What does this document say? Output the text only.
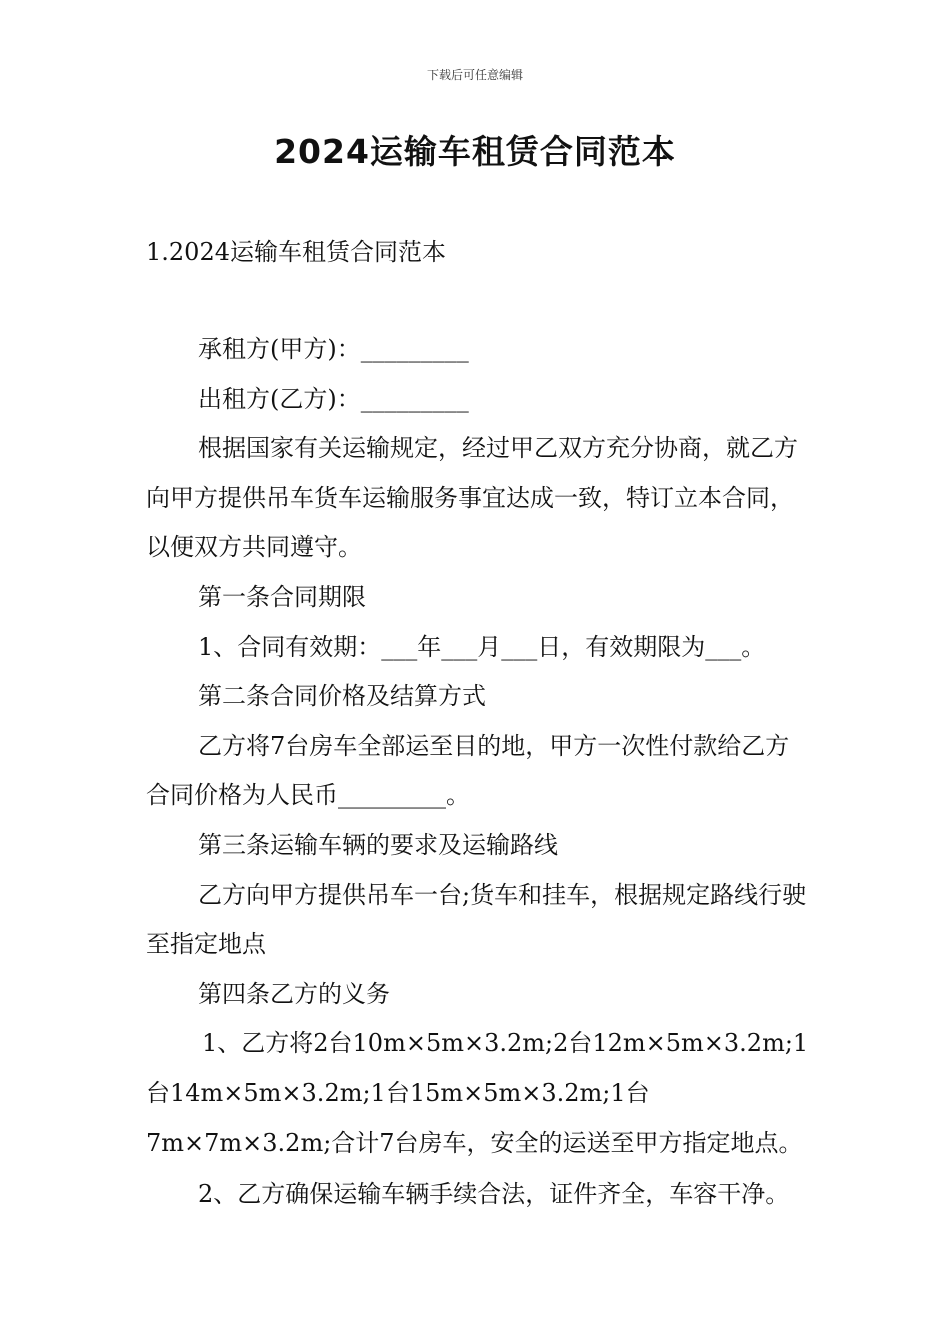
下载后可任意编辑
2024运输车租赁合同范本
1.2024运输车租赁合同范本

承租方(甲方)：_________

出租方(乙方)：_________

根据国家有关运输规定，经过甲乙双方充分协商，就乙方向甲方提供吊车货车运输服务事宜达成一致，特订立本合同，以便双方共同遵守。

第一条合同期限

1、合同有效期：___年___月___日，有效期限为___。

第二条合同价格及结算方式

乙方将7台房车全部运至目的地，甲方一次性付款给乙方合同价格为人民币_________。

第三条运输车辆的要求及运输路线

乙方向甲方提供吊车一台;货车和挂车，根据规定路线行驶至指定地点

第四条乙方的义务

1、乙方将2台10m×5m×3.2m;2台12m×5m×3.2m;1台14m×5m×3.2m;1台15m×5m×3.2m;1台7m×7m×3.2m;合计7台房车，安全的运送至甲方指定地点。

2、乙方确保运输车辆手续合法，证件齐全，车容干净。
